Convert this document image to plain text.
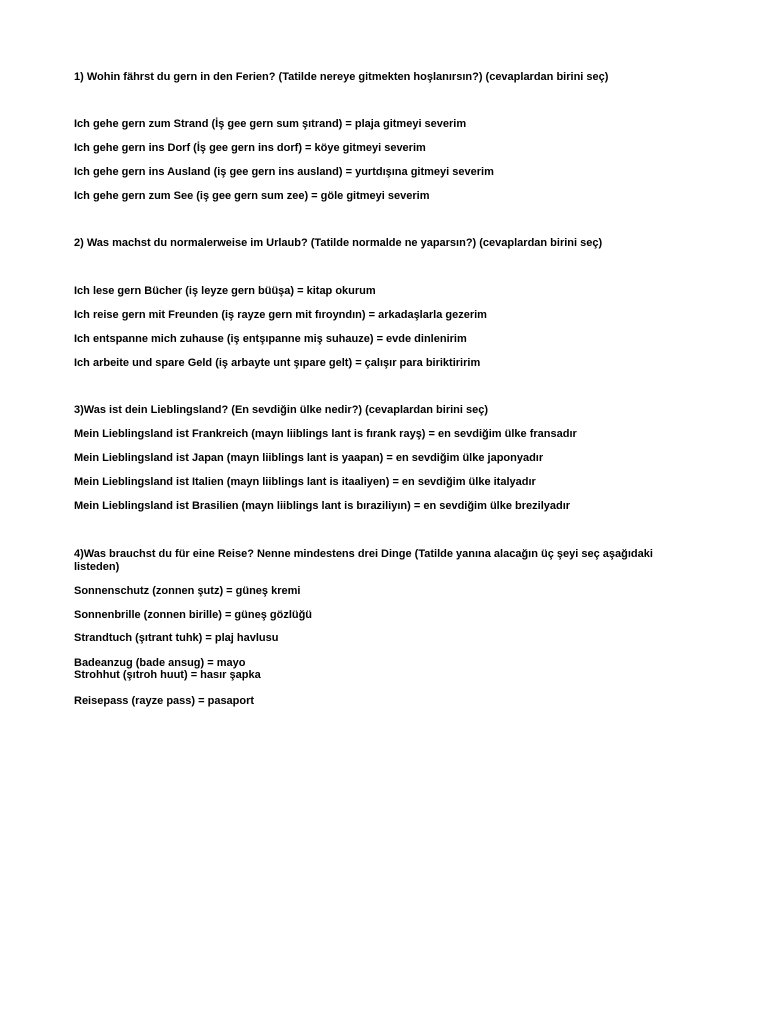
1) Wohin fährst du gern in den Ferien? (Tatilde nereye gitmekten hoşlanırsın?) (cevaplardan birini seç)
Ich gehe gern zum Strand (İş gee gern sum şıtrand) = plaja gitmeyi severim
Ich gehe gern ins Dorf (İş gee gern ins dorf) = köye gitmeyi severim
Ich gehe gern ins Ausland (iş gee gern ins ausland) = yurtdışına gitmeyi severim
Ich gehe gern zum See (iş gee gern sum zee) = göle gitmeyi severim
2) Was machst du normalerweise im Urlaub? (Tatilde normalde ne yaparsın?) (cevaplardan birini seç)
Ich lese gern Bücher (iş leyze gern büüşa) = kitap okurum
Ich reise gern mit Freunden (iş rayze gern mit fıroyndın) = arkadaşlarla gezerim
Ich entspanne mich zuhause (iş entşıpanne miş suhauze) = evde dinlenirim
Ich arbeite und spare Geld (iş arbayte unt şıpare gelt) = çalışır para biriktiririm
3)Was ist dein Lieblingsland? (En sevdiğin ülke nedir?) (cevaplardan birini seç)
Mein Lieblingsland ist Frankreich (mayn liiblings lant is fırank rayş) = en sevdiğim ülke fransadır
Mein Lieblingsland ist Japan (mayn liiblings lant is yaapan) = en sevdiğim ülke japonyadır
Mein Lieblingsland ist Italien (mayn liiblings lant is itaaliyen) = en sevdiğim ülke italyadır
Mein Lieblingsland ist Brasilien (mayn liiblings lant is bıraziliyın) = en sevdiğim ülke brezilyadır
4)Was brauchst du für eine Reise? Nenne mindestens drei Dinge (Tatilde yanına alacağın üç şeyi seç aşağıdaki listeden)
Sonnenschutz (zonnen şutz) = güneş kremi
Sonnenbrille (zonnen birille) = güneş gözlüğü
Strandtuch (şıtrant tuhk) = plaj havlusu
Badeanzug (bade ansug) = mayo
Strohhut (şıtroh huut) = hasır şapka
Reisepass (rayze pass) = pasaport
